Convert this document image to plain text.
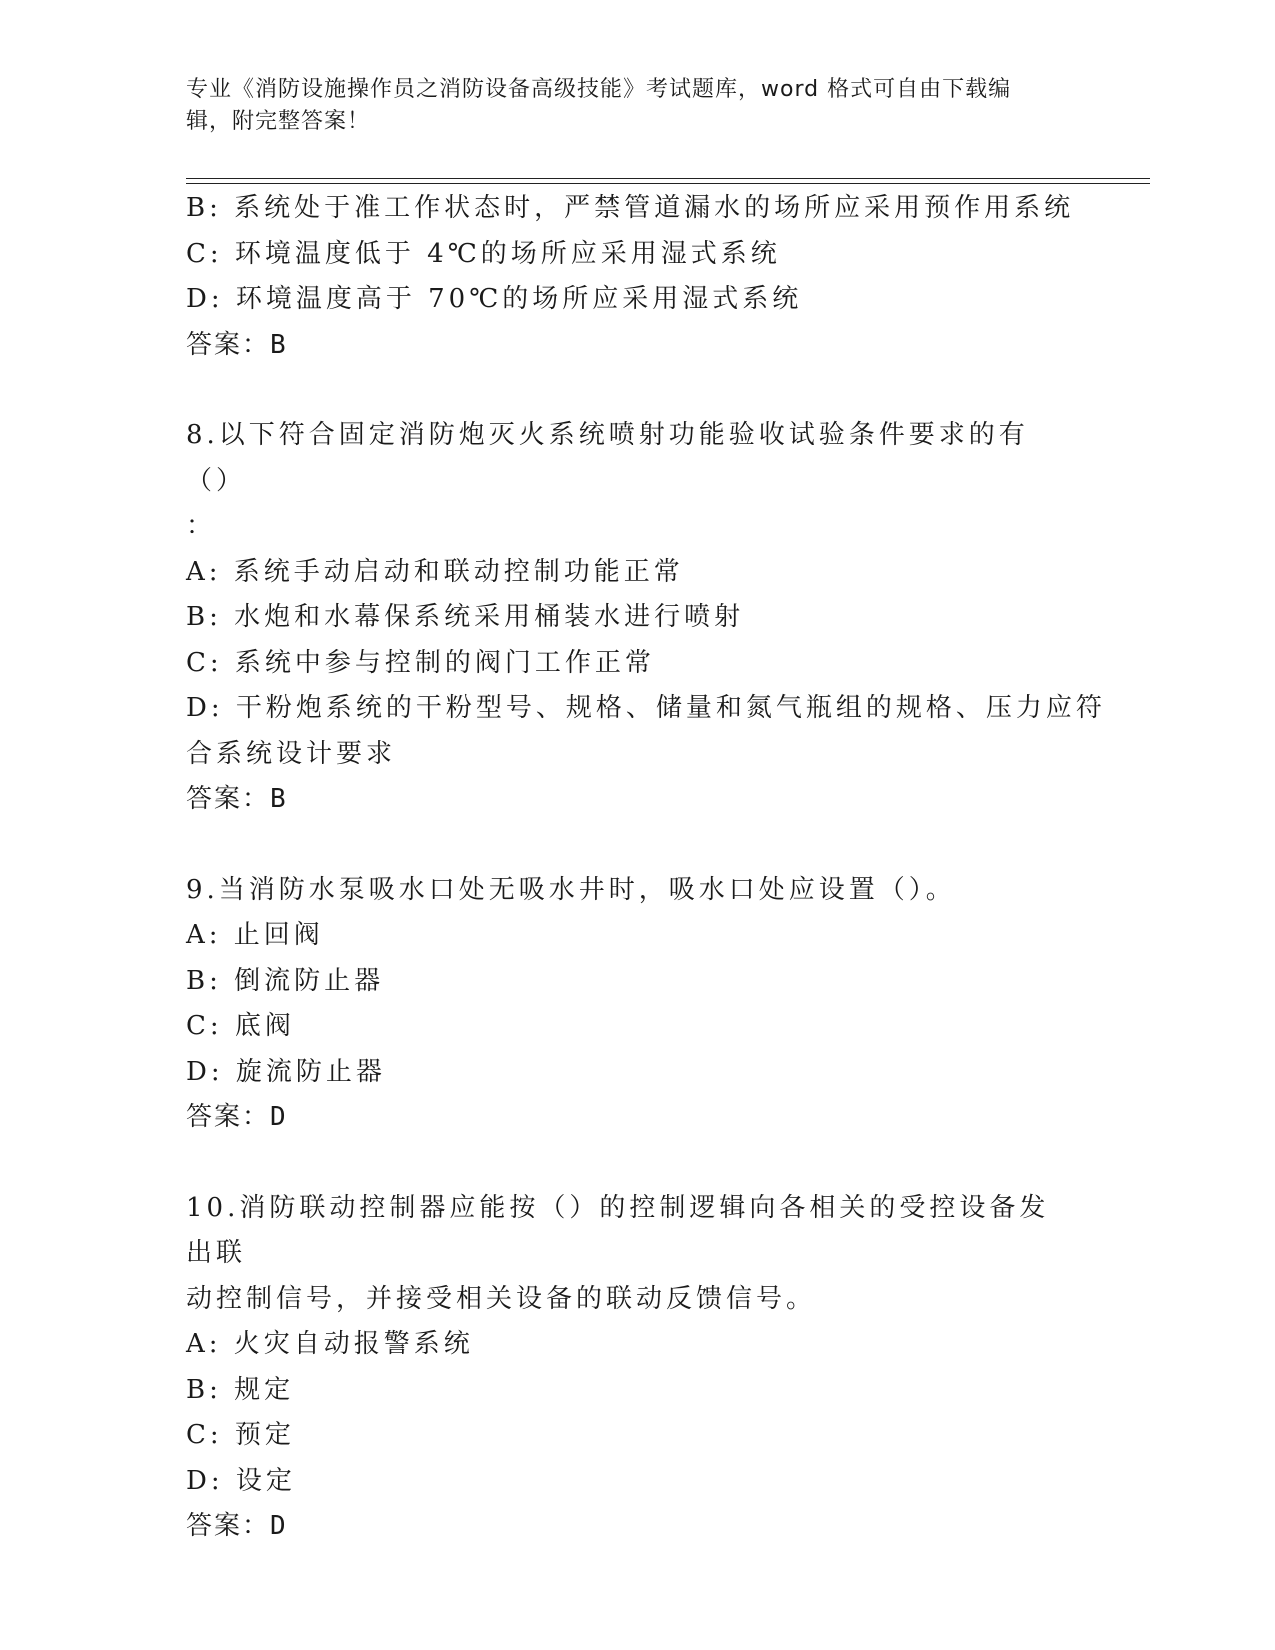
专业《消防设施操作员之消防设备高级技能》考试题库，word 格式可自由下载编
辑，附完整答案！
B: 系统处于准工作状态时，严禁管道漏水的场所应采用预作用系统
C: 环境温度低于 4℃的场所应采用湿式系统
D: 环境温度高于 70℃的场所应采用湿式系统
答案：B
8.以下符合固定消防炮灭火系统喷射功能验收试验条件要求的有（）
：
A: 系统手动启动和联动控制功能正常
B: 水炮和水幕保系统采用桶装水进行喷射
C: 系统中参与控制的阀门工作正常
D: 干粉炮系统的干粉型号、规格、储量和氮气瓶组的规格、压力应符
合系统设计要求
答案：B
9.当消防水泵吸水口处无吸水井时，吸水口处应设置（）。
A: 止回阀
B: 倒流防止器
C: 底阀
D: 旋流防止器
答案：D
10.消防联动控制器应能按（）的控制逻辑向各相关的受控设备发出联
动控制信号，并接受相关设备的联动反馈信号。
A: 火灾自动报警系统
B: 规定
C: 预定
D: 设定
答案：D
